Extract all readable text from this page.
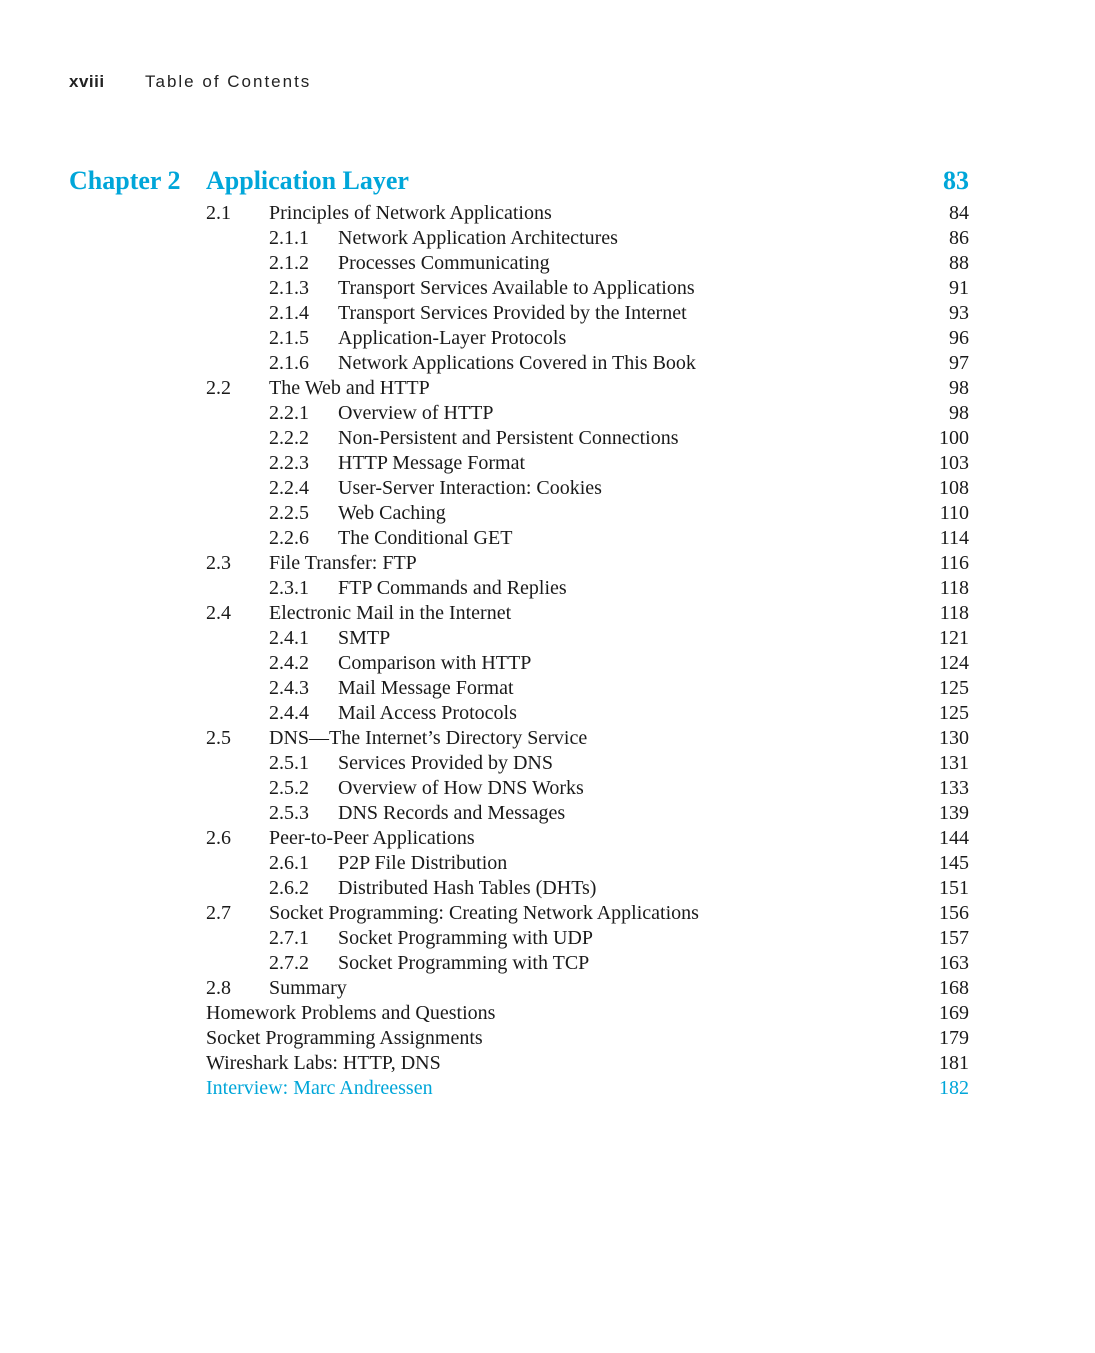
xviii Table of Contents
Chapter 2 Application Layer	83
2.1 Principles of Network Applications	84
2.1.1 Network Application Architectures	86
2.1.2 Processes Communicating	88
2.1.3 Transport Services Available to Applications	91
2.1.4 Transport Services Provided by the Internet	93
2.1.5 Application-Layer Protocols	96
2.1.6 Network Applications Covered in This Book	97
2.2 The Web and HTTP	98
2.2.1 Overview of HTTP	98
2.2.2 Non-Persistent and Persistent Connections	100
2.2.3 HTTP Message Format	103
2.2.4 User-Server Interaction: Cookies	108
2.2.5 Web Caching	110
2.2.6 The Conditional GET	114
2.3 File Transfer: FTP	116
2.3.1 FTP Commands and Replies	118
2.4 Electronic Mail in the Internet	118
2.4.1 SMTP	121
2.4.2 Comparison with HTTP	124
2.4.3 Mail Message Format	125
2.4.4 Mail Access Protocols	125
2.5 DNS—The Internet’s Directory Service	130
2.5.1 Services Provided by DNS	131
2.5.2 Overview of How DNS Works	133
2.5.3 DNS Records and Messages	139
2.6 Peer-to-Peer Applications	144
2.6.1 P2P File Distribution	145
2.6.2 Distributed Hash Tables (DHTs)	151
2.7 Socket Programming: Creating Network Applications	156
2.7.1 Socket Programming with UDP	157
2.7.2 Socket Programming with TCP	163
2.8 Summary	168
Homework Problems and Questions	169
Socket Programming Assignments	179
Wireshark Labs: HTTP, DNS	181
Interview: Marc Andreessen	182
